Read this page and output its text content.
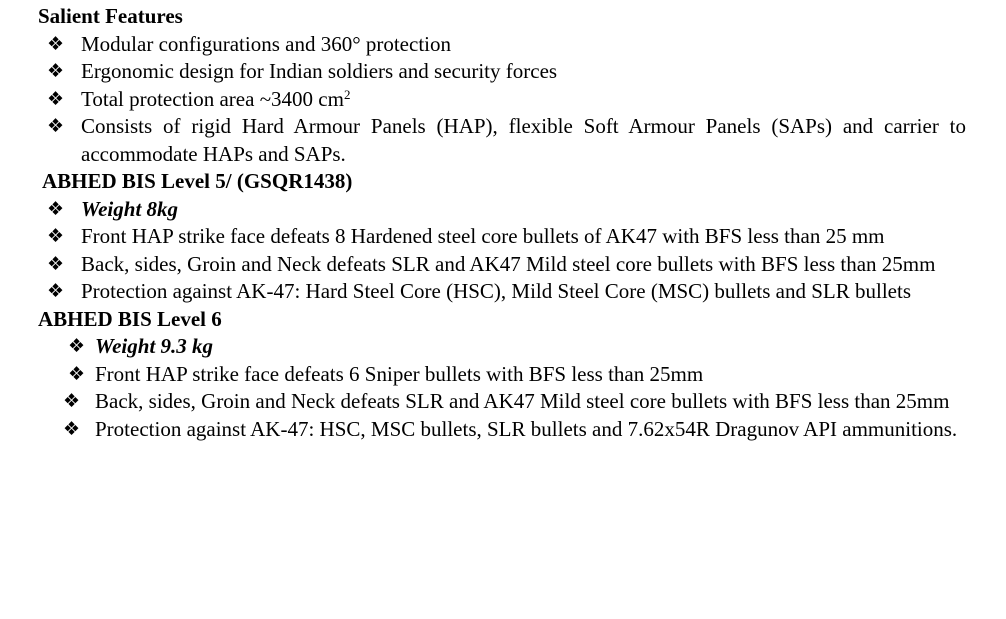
Salient Features
❖ Modular configurations and 360° protection
❖ Ergonomic design for Indian soldiers and security forces
❖ Total protection area ~3400 $cm^2$
❖ Consists of rigid Hard Armour Panels (HAP), flexible Soft Armour Panels (SAPs) and carrier to accommodate HAPs and SAPs.
ABHED BIS Level 5/ (GSQR1438)
❖ Weight 8kg
❖ Front HAP strike face defeats 8 Hardened steel core bullets of AK47 with BFS less than 25 mm
❖ Back, sides, Groin and Neck defeats SLR and AK47 Mild steel core bullets with BFS less than 25mm
❖ Protection against AK-47: Hard Steel Core (HSC), Mild Steel Core (MSC) bullets and SLR bullets
ABHED BIS Level 6
❖ Weight 9.3 kg
❖ Front HAP strike face defeats 6 Sniper bullets with BFS less than 25mm
❖ Back, sides, Groin and Neck defeats SLR and AK47 Mild steel core bullets with BFS less than 25mm
❖ Protection against AK-47: HSC, MSC bullets, SLR bullets and 7.62x54R Dragunov API ammunitions.
